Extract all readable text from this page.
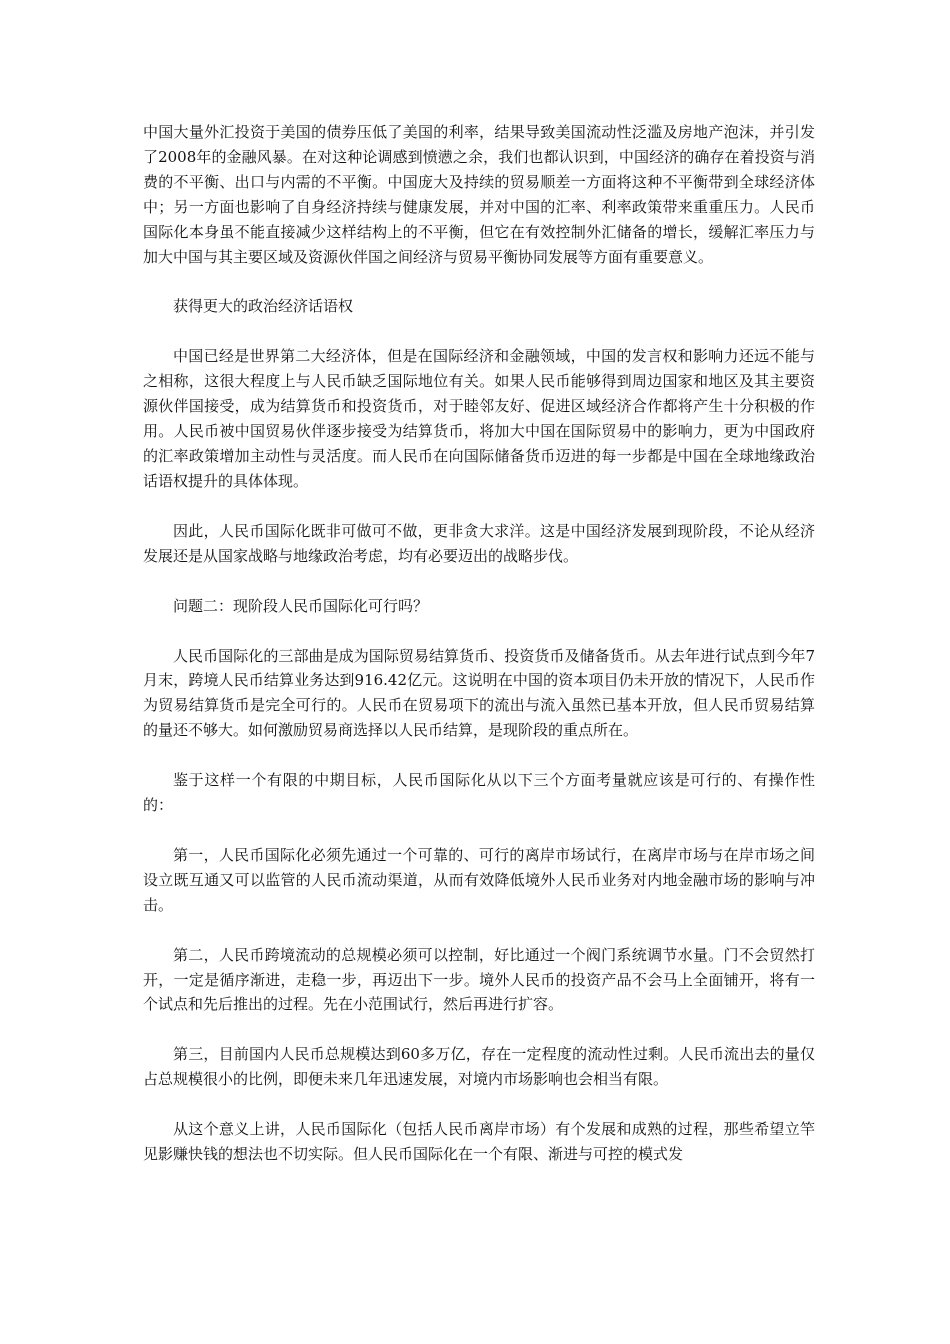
中国大量外汇投资于美国的债券压低了美国的利率，结果导致美国流动性泛滥及房地产泡沫，并引发了2008年的金融风暴。在对这种论调感到愤懑之余，我们也都认识到，中国经济的确存在着投资与消费的不平衡、出口与内需的不平衡。中国庞大及持续的贸易顺差一方面将这种不平衡带到全球经济体中；另一方面也影响了自身经济持续与健康发展，并对中国的汇率、利率政策带来重重压力。人民币国际化本身虽不能直接减少这样结构上的不平衡，但它在有效控制外汇储备的增长，缓解汇率压力与加大中国与其主要区域及资源伙伴国之间经济与贸易平衡协同发展等方面有重要意义。

获得更大的政治经济话语权

中国已经是世界第二大经济体，但是在国际经济和金融领域，中国的发言权和影响力还远不能与之相称，这很大程度上与人民币缺乏国际地位有关。如果人民币能够得到周边国家和地区及其主要资源伙伴国接受，成为结算货币和投资货币，对于睦邻友好、促进区域经济合作都将产生十分积极的作用。人民币被中国贸易伙伴逐步接受为结算货币，将加大中国在国际贸易中的影响力，更为中国政府的汇率政策增加主动性与灵活度。而人民币在向国际储备货币迈进的每一步都是中国在全球地缘政治话语权提升的具体体现。

因此，人民币国际化既非可做可不做，更非贪大求洋。这是中国经济发展到现阶段，不论从经济发展还是从国家战略与地缘政治考虑，均有必要迈出的战略步伐。

问题二：现阶段人民币国际化可行吗？

人民币国际化的三部曲是成为国际贸易结算货币、投资货币及储备货币。从去年进行试点到今年7月末，跨境人民币结算业务达到916.42亿元。这说明在中国的资本项目仍未开放的情况下，人民币作为贸易结算货币是完全可行的。人民币在贸易项下的流出与流入虽然已基本开放，但人民币贸易结算的量还不够大。如何激励贸易商选择以人民币结算，是现阶段的重点所在。

鉴于这样一个有限的中期目标，人民币国际化从以下三个方面考量就应该是可行的、有操作性的：

第一，人民币国际化必须先通过一个可靠的、可行的离岸市场试行，在离岸市场与在岸市场之间设立既互通又可以监管的人民币流动渠道，从而有效降低境外人民币业务对内地金融市场的影响与冲击。

第二，人民币跨境流动的总规模必须可以控制，好比通过一个阀门系统调节水量。门不会贸然打开，一定是循序渐进，走稳一步，再迈出下一步。境外人民币的投资产品不会马上全面铺开，将有一个试点和先后推出的过程。先在小范围试行，然后再进行扩容。

第三，目前国内人民币总规模达到60多万亿，存在一定程度的流动性过剩。人民币流出去的量仅占总规模很小的比例，即便未来几年迅速发展，对境内市场影响也会相当有限。

从这个意义上讲，人民币国际化（包括人民币离岸市场）有个发展和成熟的过程，那些希望立竿见影赚快钱的想法也不切实际。但人民币国际化在一个有限、渐进与可控的模式发
